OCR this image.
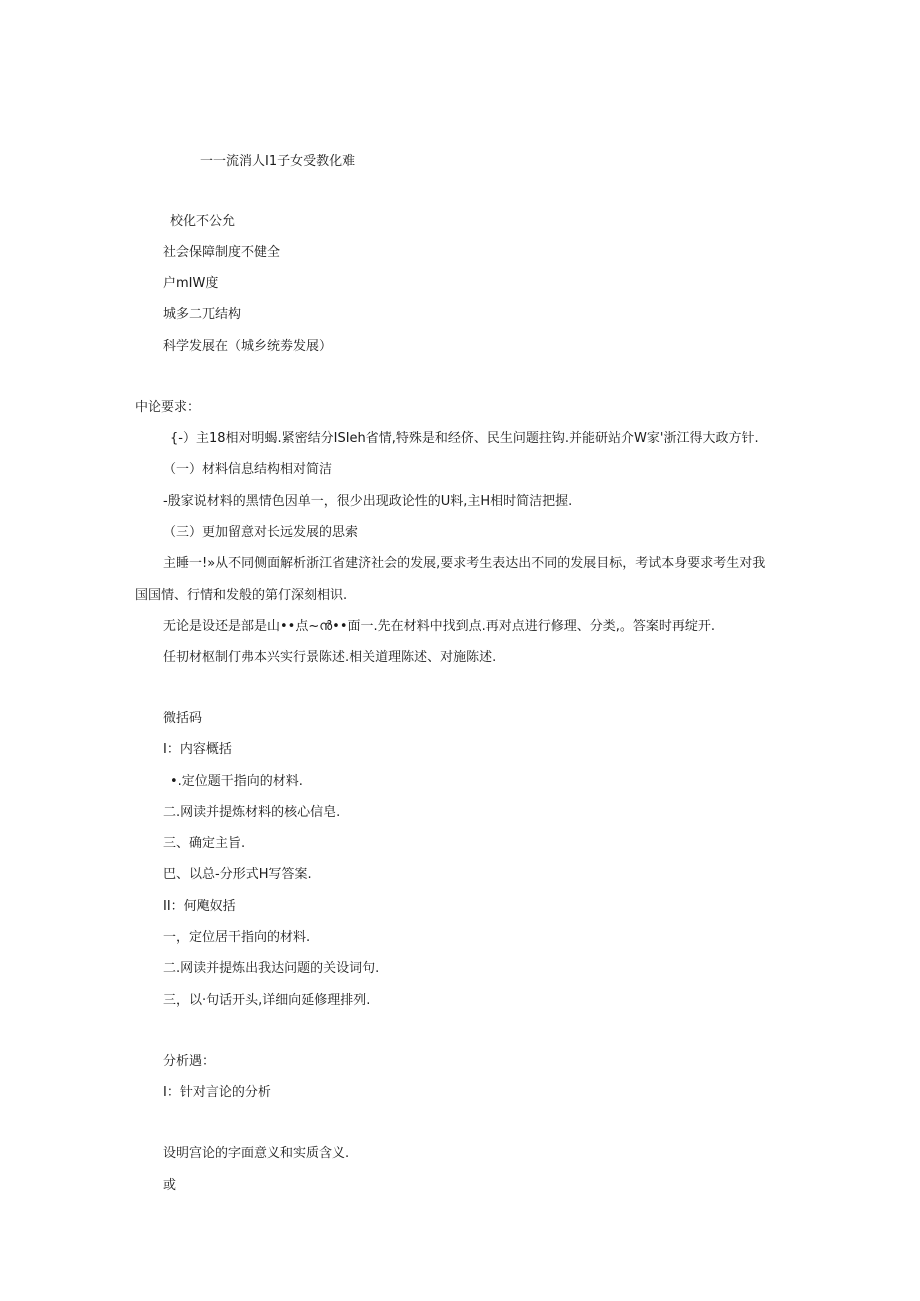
一一流消人I1子女受教化难
校化不公允
社会保障制度不健全
户mIW度
城多二兀结构
科学发展在（城乡统劵发展）
中论要求：
{-）主18相对明蝎.紧密结分ISIeh省情,特殊是和经侪、民生问题拄钩.并能研站介W家'浙江得大政方针.
（一）材料信息结构相对简洁
-殷家说材料的黑情色因单一，很少出现政论性的U料,主H相时简洁把握.
（三）更加留意对长远发展的思索
主睡一!»从不同侧面解析浙江省建济社会的发展,要求考生表达出不同的发展目标，考试本身要求考生对我
国国情、行情和发般的第仃深刻相识.
无论是设还是部是山••点~ൻ••面一.先在材料中找到点.再对点进行修理、分类,。答案时再绽开.
任㓞材枢制仃弗本兴实行景陈述.相关道理陈述、对施陈述.
微括码
I：内容概括
•.定位题干指向的材料.
二.网读并提炼材料的核心信皂.
三、确定主旨.
巴、以总-分形式H写答案.
II：何飑奴括
一，定位居干指向的材料.
二.网读并提炼出我达问题的关设词句.
三，以·句话开头,详细向延修理排列.
分析遇：
I：针对言论的分析
设明宫论的字面意义和实质含义.
或
